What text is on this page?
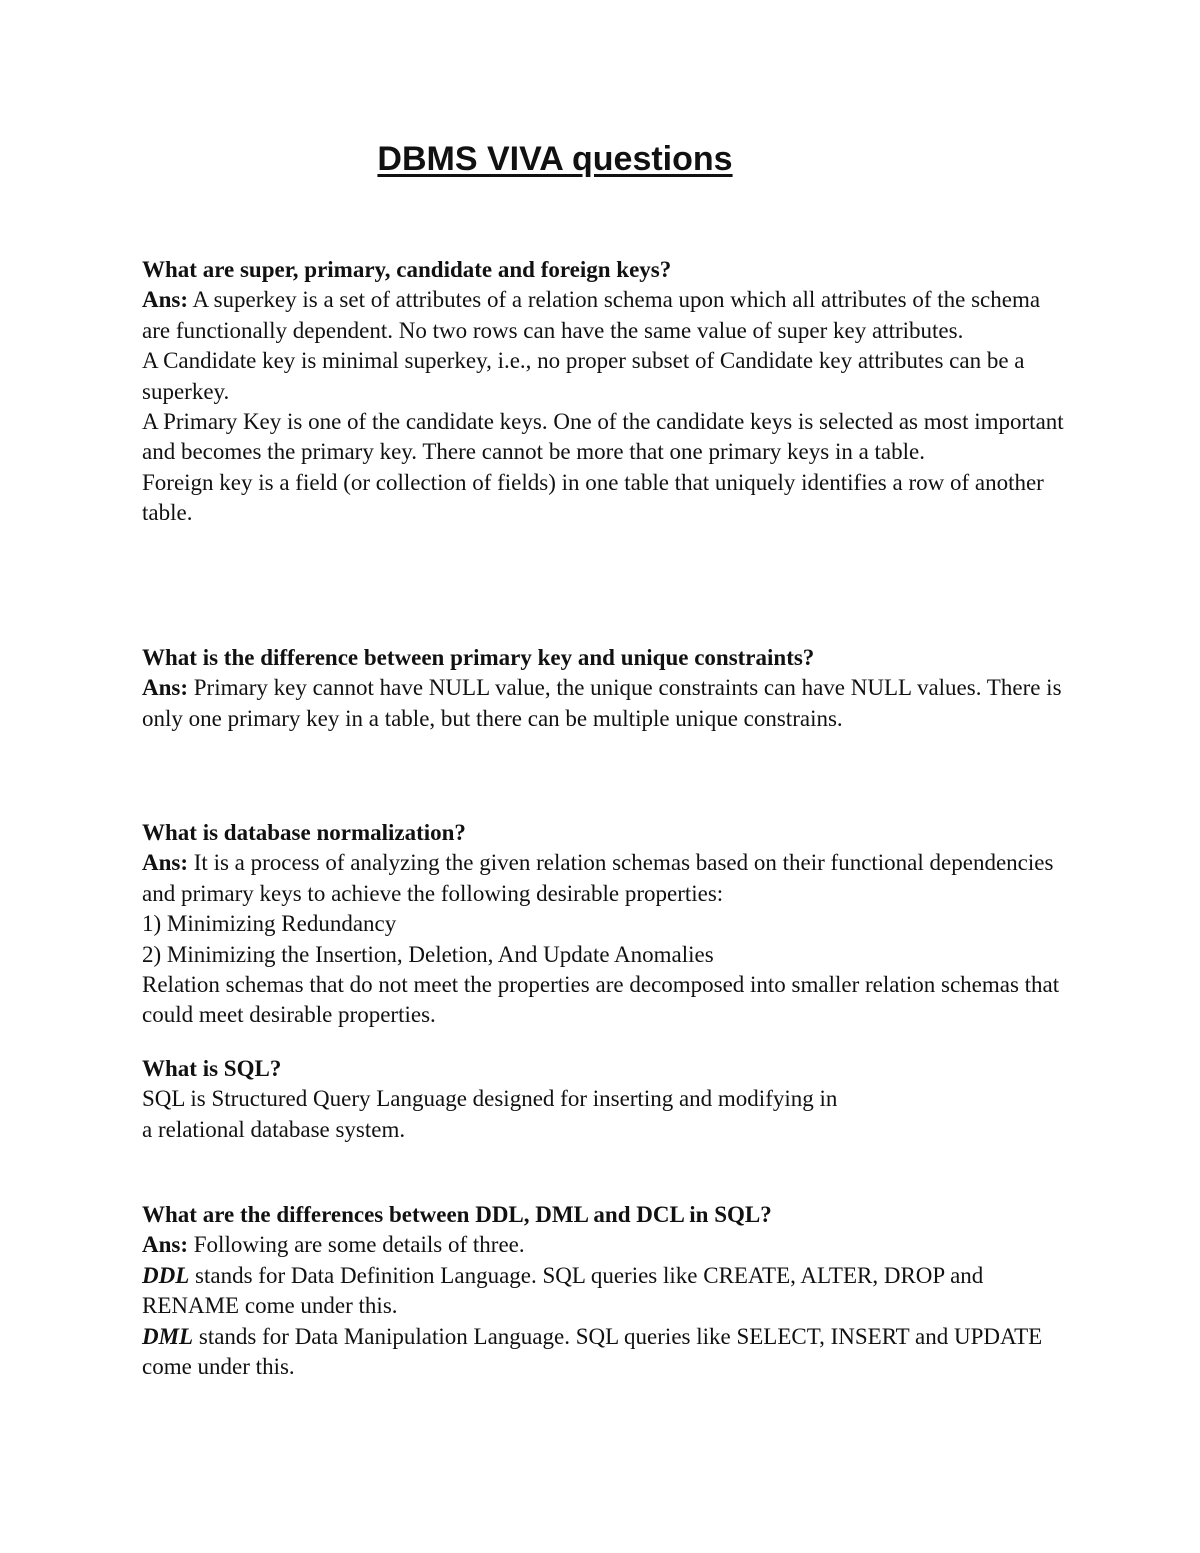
DBMS VIVA questions

What are super, primary, candidate and foreign keys?

Ans: A superkey is a set of attributes of a relation schema upon which all attributes of the schema are functionally dependent. No two rows can have the same value of super key attributes.

A Candidate key is minimal superkey, i.e., no proper subset of Candidate key attributes can be a superkey.

A Primary Key is one of the candidate keys. One of the candidate keys is selected as most important and becomes the primary key. There cannot be more that one primary keys in a table.

Foreign key is a field (or collection of fields) in one table that uniquely identifies a row of another table.

What is the difference between primary key and unique constraints?

Ans: Primary key cannot have NULL value, the unique constraints can have NULL values. There is only one primary key in a table, but there can be multiple unique constrains.

What is database normalization?

Ans: It is a process of analyzing the given relation schemas based on their functional dependencies and primary keys to achieve the following desirable properties:

1) Minimizing Redundancy

2) Minimizing the Insertion, Deletion, And Update Anomalies

Relation schemas that do not meet the properties are decomposed into smaller relation schemas that could meet desirable properties.

What is SQL?

SQL is Structured Query Language designed for inserting and modifying in

a relational database system.

What are the differences between DDL, DML and DCL in SQL?

Ans: Following are some details of three.

DDL stands for Data Definition Language. SQL queries like CREATE, ALTER, DROP and RENAME come under this.

DML stands for Data Manipulation Language. SQL queries like SELECT, INSERT and UPDATE come under this.
